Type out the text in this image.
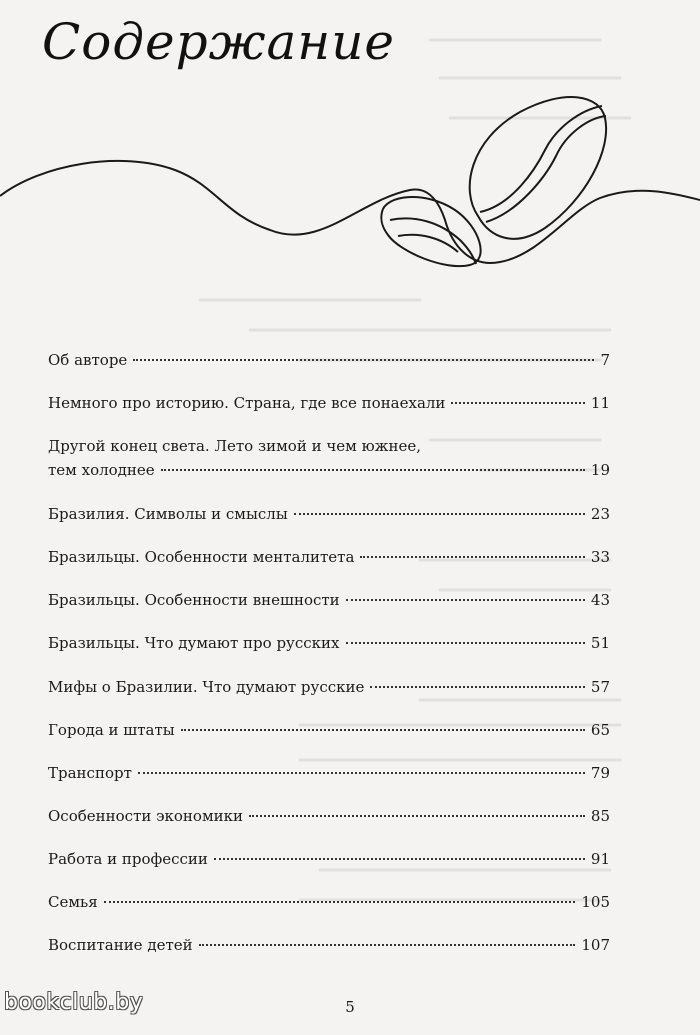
Содержание
Об авторе	7
Немного про историю. Страна, где все понаехали	11
Другой конец света. Лето зимой и чем южнее,
тем холоднее	19
Бразилия. Символы и смыслы	23
Бразильцы. Особенности менталитета	33
Бразильцы. Особенности внешности	43
Бразильцы. Что думают про русских	51
Мифы о Бразилии. Что думают русские	57
Города и штаты	65
Транспорт	79
Особенности экономики	85
Работа и профессии	91
Семья	105
Воспитание детей	107
5
bookclub.by
